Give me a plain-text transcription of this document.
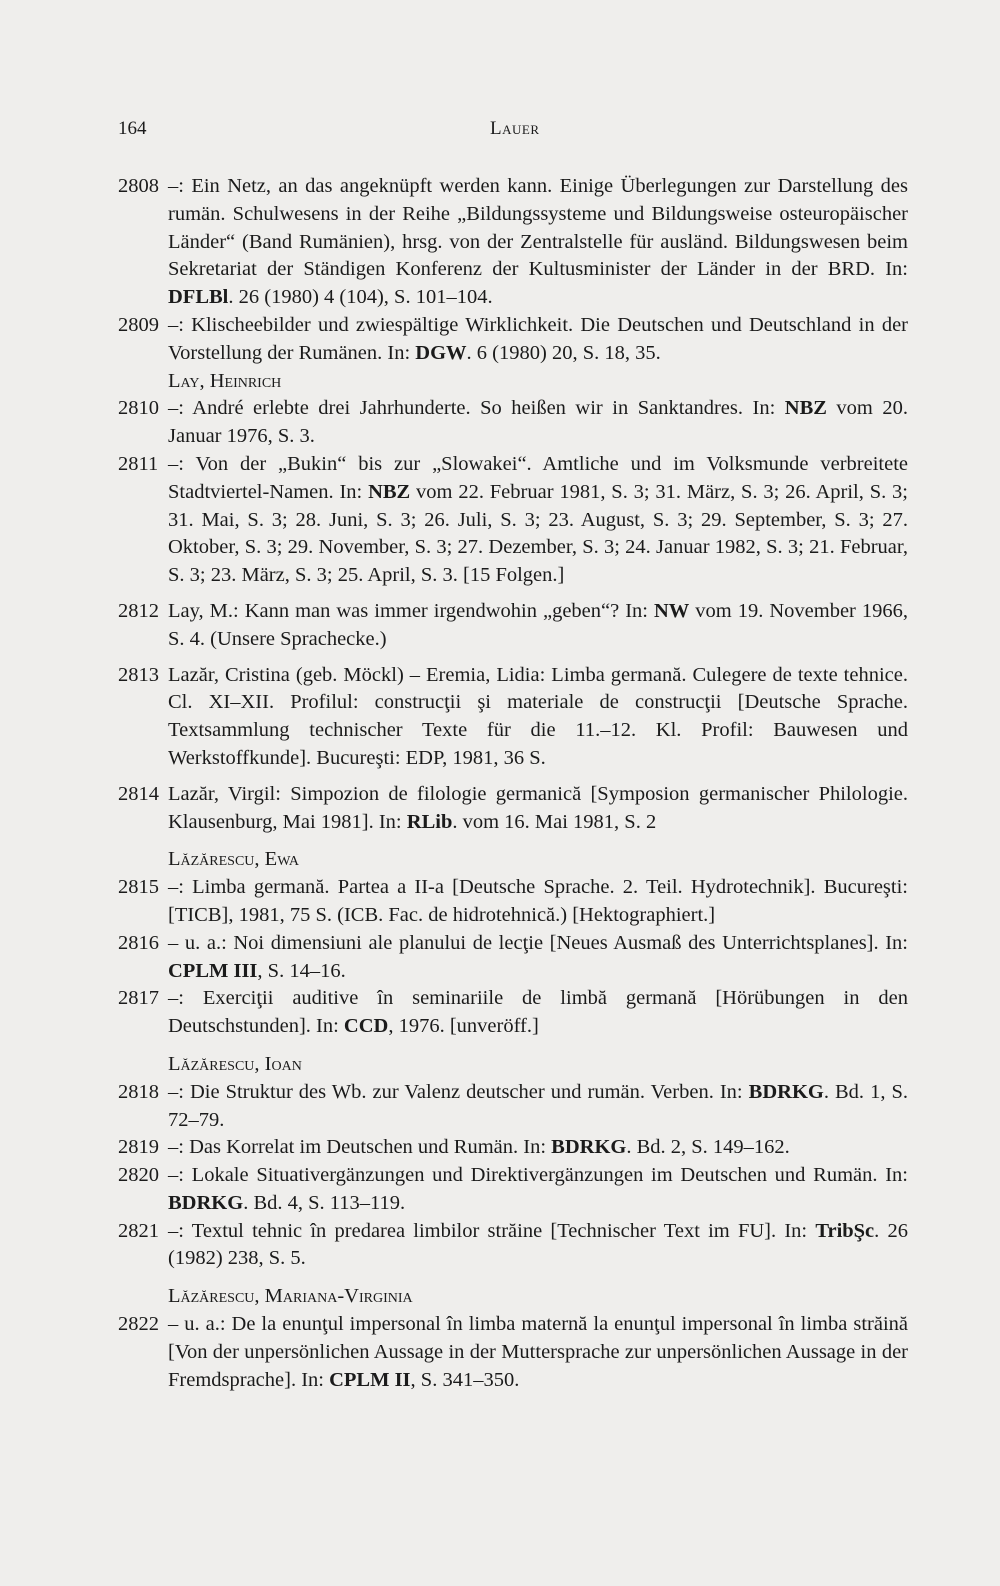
164	Lauer
2808 –: Ein Netz, an das angeknüpft werden kann. Einige Überlegungen zur Darstellung des rumän. Schulwesens in der Reihe „Bildungssysteme und Bildungsweise osteuropäischer Länder“ (Band Rumänien), hrsg. von der Zentralstelle für ausländ. Bildungswesen beim Sekretariat der Ständigen Konferenz der Kultusminister der Länder in der BRD. In: DFLBl. 26 (1980) 4 (104), S. 101–104.
2809 –: Klischeebilder und zwiespältige Wirklichkeit. Die Deutschen und Deutschland in der Vorstellung der Rumänen. In: DGW. 6 (1980) 20, S. 18, 35.
Lay, Heinrich
2810 –: André erlebte drei Jahrhunderte. So heißen wir in Sanktandres. In: NBZ vom 20. Januar 1976, S. 3.
2811 –: Von der „Bukin“ bis zur „Slowakei“. Amtliche und im Volksmunde verbreitete Stadtviertel-Namen. In: NBZ vom 22. Februar 1981, S. 3; 31. März, S. 3; 26. April, S. 3; 31. Mai, S. 3; 28. Juni, S. 3; 26. Juli, S. 3; 23. August, S. 3; 29. September, S. 3; 27. Oktober, S. 3; 29. November, S. 3; 27. Dezember, S. 3; 24. Januar 1982, S. 3; 21. Februar, S. 3; 23. März, S. 3; 25. April, S. 3. [15 Folgen.]
2812 Lay, M.: Kann man was immer irgendwohin „geben“? In: NW vom 19. November 1966, S. 4. (Unsere Sprachecke.)
2813 Lazăr, Cristina (geb. Möckl) – Eremia, Lidia: Limba germană. Culegere de texte tehnice. Cl. XI–XII. Profilul: construcţii şi materiale de construcţii [Deutsche Sprache. Textsammlung technischer Texte für die 11.–12. Kl. Profil: Bauwesen und Werkstoffkunde]. Bucureşti: EDP, 1981, 36 S.
2814 Lazăr, Virgil: Simpozion de filologie germanică [Symposion germanischer Philologie. Klausenburg, Mai 1981]. In: RLib. vom 16. Mai 1981, S. 2
Lăzărescu, Ewa
2815 –: Limba germană. Partea a II-a [Deutsche Sprache. 2. Teil. Hydrotechnik]. Bucureşti: [TICB], 1981, 75 S. (ICB. Fac. de hidrotehnică.) [Hektographiert.]
2816 – u. a.: Noi dimensiuni ale planului de lecţie [Neues Ausmaß des Unterrichtsplanes]. In: CPLM III, S. 14–16.
2817 –: Exerciţii auditive în seminariile de limbă germană [Hörübungen in den Deutschstunden]. In: CCD, 1976. [unveröff.]
Lăzărescu, Ioan
2818 –: Die Struktur des Wb. zur Valenz deutscher und rumän. Verben. In: BDRKG. Bd. 1, S. 72–79.
2819 –: Das Korrelat im Deutschen und Rumän. In: BDRKG. Bd. 2, S. 149–162.
2820 –: Lokale Situativergänzungen und Direktivergänzungen im Deutschen und Rumän. In: BDRKG. Bd. 4, S. 113–119.
2821 –: Textul tehnic în predarea limbilor străine [Technischer Text im FU]. In: TribŞc. 26 (1982) 238, S. 5.
Lăzărescu, Mariana-Virginia
2822 – u. a.: De la enunţul impersonal în limba maternă la enunţul impersonal în limba străină [Von der unpersönlichen Aussage in der Muttersprache zur unpersönlichen Aussage in der Fremdsprache]. In: CPLM II, S. 341–350.
